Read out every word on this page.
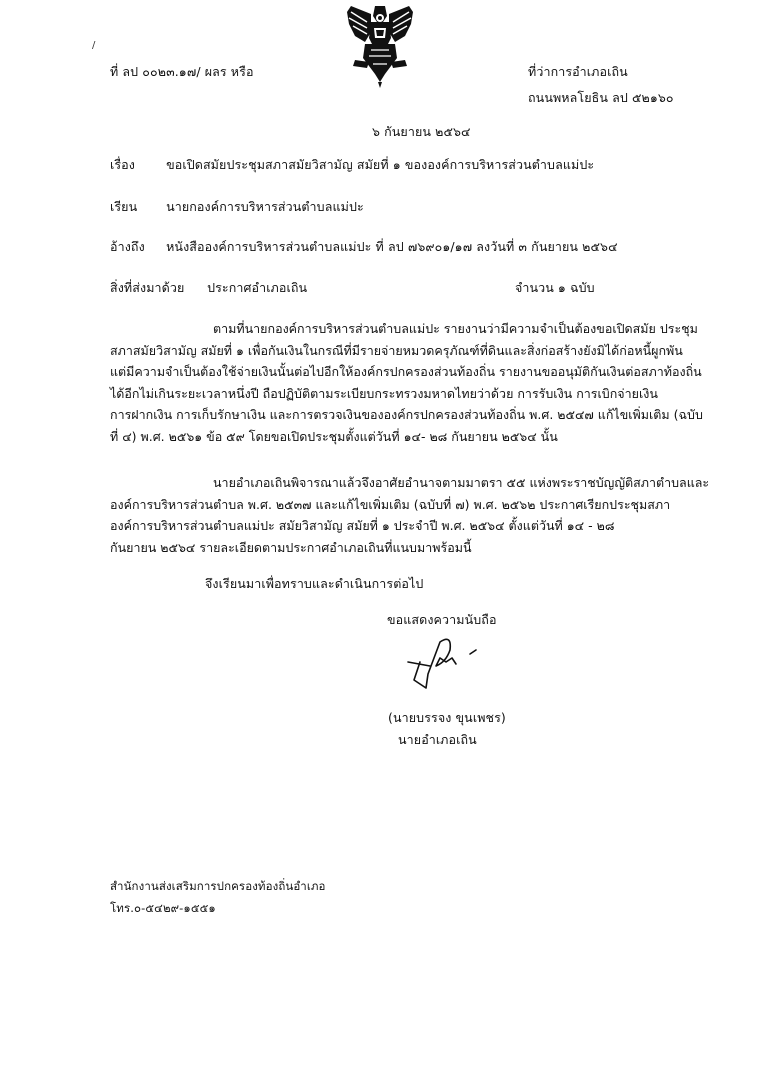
/
ที่ ลป ๐๐๒๓.๑๗/ ผลร หรือ	ที่ว่าการอำเภอเถิน
ถนนพหลโยธิน ลป ๕๒๑๖๐
๖ กันยายน ๒๕๖๔
เรื่อง ขอเปิดสมัยประชุมสภาสมัยวิสามัญ สมัยที่ ๑ ขององค์การบริหารส่วนตำบลแม่ปะ
เรียน นายกองค์การบริหารส่วนตำบลแม่ปะ
อ้างถึง หนังสือองค์การบริหารส่วนตำบลแม่ปะ ที่ ลป ๗๖๙๐๑/๑๗ ลงวันที่ ๓ กันยายน ๒๕๖๔
สิ่งที่ส่งมาด้วย ประกาศอำเภอเถิน	จำนวน ๑ ฉบับ
ตามที่นายกองค์การบริหารส่วนตำบลแม่ปะ รายงานว่ามีความจำเป็นต้องขอเปิดสมัย ประชุม
สภาสมัยวิสามัญ สมัยที่ ๑ เพื่อกันเงินในกรณีที่มีรายจ่ายหมวดครุภัณฑ์ที่ดินและสิ่งก่อสร้างยังมิได้ก่อหนี้ผูกพัน
แต่มีความจำเป็นต้องใช้จ่ายเงินนั้นต่อไปอีกให้องค์กรปกครองส่วนท้องถิ่น รายงานขออนุมัติกันเงินต่อสภาท้องถิ่น
ได้อีกไม่เกินระยะเวลาหนึ่งปี ถือปฏิบัติตามระเบียบกระทรวงมหาดไทยว่าด้วย การรับเงิน การเบิกจ่ายเงิน
การฝากเงิน การเก็บรักษาเงิน และการตรวจเงินขององค์กรปกครองส่วนท้องถิ่น พ.ศ. ๒๕๔๗ แก้ไขเพิ่มเติม (ฉบับ
ที่ ๔) พ.ศ. ๒๕๖๑ ข้อ ๕๙ โดยขอเปิดประชุมตั้งแต่วันที่ ๑๔- ๒๘ กันยายน ๒๕๖๔ นั้น
นายอำเภอเถินพิจารณาแล้วจึงอาศัยอำนาจตามมาตรา ๕๕ แห่งพระราชบัญญัติสภาตำบลและ
องค์การบริหารส่วนตำบล พ.ศ. ๒๕๓๗ และแก้ไขเพิ่มเติม (ฉบับที่ ๗) พ.ศ. ๒๕๖๒ ประกาศเรียกประชุมสภา
องค์การบริหารส่วนตำบลแม่ปะ สมัยวิสามัญ สมัยที่ ๑ ประจำปี พ.ศ. ๒๕๖๔ ตั้งแต่วันที่ ๑๔ - ๒๘
กันยายน ๒๕๖๔ รายละเอียดตามประกาศอำเภอเถินที่แนบมาพร้อมนี้
จึงเรียนมาเพื่อทราบและดำเนินการต่อไป
ขอแสดงความนับถือ
(นายบรรจง ขุนเพชร)
นายอำเภอเถิน
สำนักงานส่งเสริมการปกครองท้องถิ่นอำเภอ
โทร.๐-๕๔๒๙-๑๕๕๑
